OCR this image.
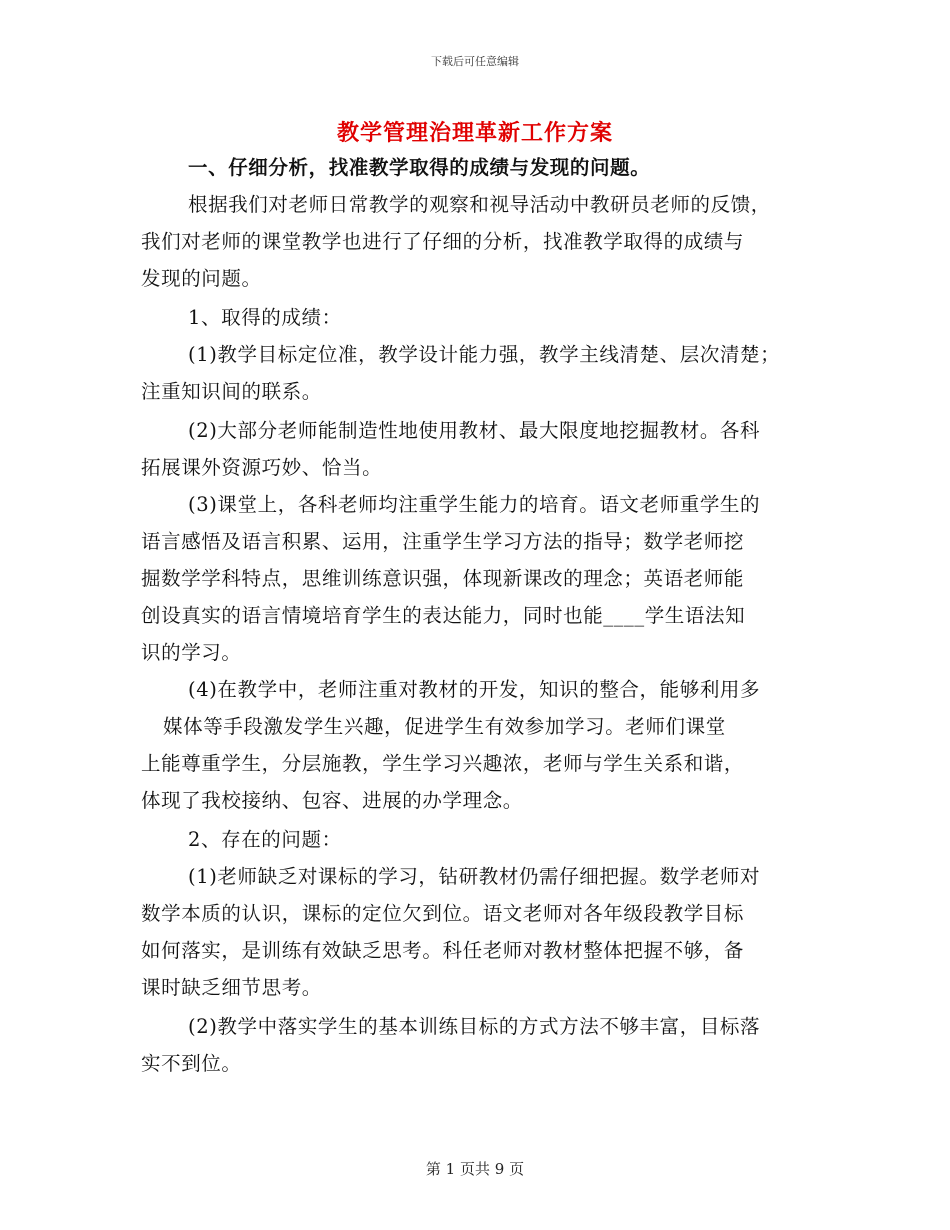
下载后可任意编辑
教学管理治理革新工作方案
一、仔细分析，找准教学取得的成绩与发现的问题。
根据我们对老师日常教学的观察和视导活动中教研员老师的反馈，
我们对老师的课堂教学也进行了仔细的分析，找准教学取得的成绩与
发现的问题。
1、取得的成绩：
(1)教学目标定位准，教学设计能力强，教学主线清楚、层次清楚；
注重知识间的联系。
(2)大部分老师能制造性地使用教材、最大限度地挖掘教材。各科
拓展课外资源巧妙、恰当。
(3)课堂上，各科老师均注重学生能力的培育。语文老师重学生的
语言感悟及语言积累、运用，注重学生学习方法的指导；数学老师挖
掘数学学科特点，思维训练意识强，体现新课改的理念；英语老师能
创设真实的语言情境培育学生的表达能力，同时也能____学生语法知
识的学习。
(4)在教学中，老师注重对教材的开发，知识的整合，能够利用多
媒体等手段激发学生兴趣，促进学生有效参加学习。老师们课堂
上能尊重学生，分层施教，学生学习兴趣浓，老师与学生关系和谐，
体现了我校接纳、包容、进展的办学理念。
2、存在的问题：
(1)老师缺乏对课标的学习，钻研教材仍需仔细把握。数学老师对
数学本质的认识，课标的定位欠到位。语文老师对各年级段教学目标
如何落实，是训练有效缺乏思考。科任老师对教材整体把握不够，备
课时缺乏细节思考。
(2)教学中落实学生的基本训练目标的方式方法不够丰富，目标落
实不到位。
第 1 页共 9 页
